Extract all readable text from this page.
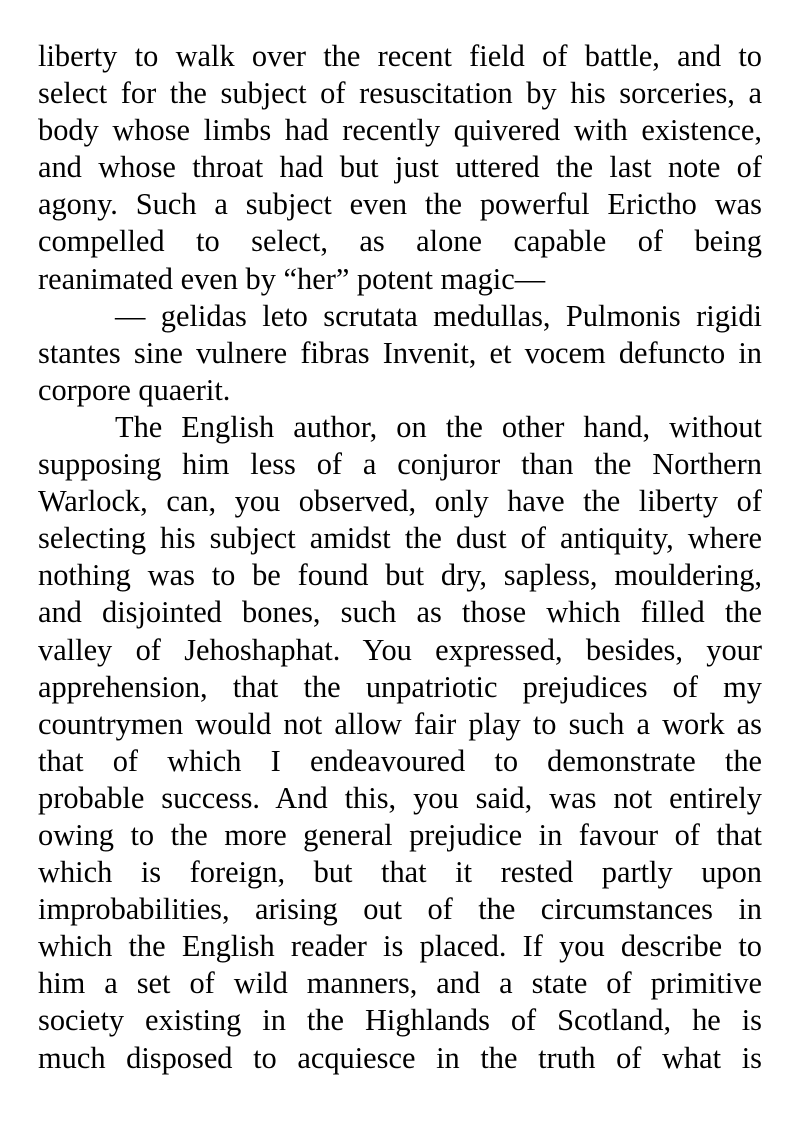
liberty to walk over the recent field of battle, and to
select for the subject of resuscitation by his sorceries, a
body whose limbs had recently quivered with existence,
and whose throat had but just uttered the last note of
agony. Such a subject even the powerful Erictho was
compelled to select, as alone capable of being
reanimated even by “her” potent magic—

— gelidas leto scrutata medullas, Pulmonis rigidi
stantes sine vulnere fibras Invenit, et vocem defuncto in
corpore quaerit.

The English author, on the other hand, without
supposing him less of a conjuror than the Northern
Warlock, can, you observed, only have the liberty of
selecting his subject amidst the dust of antiquity, where
nothing was to be found but dry, sapless, mouldering,
and disjointed bones, such as those which filled the
valley of Jehoshaphat. You expressed, besides, your
apprehension, that the unpatriotic prejudices of my
countrymen would not allow fair play to such a work as
that of which I endeavoured to demonstrate the
probable success. And this, you said, was not entirely
owing to the more general prejudice in favour of that
which is foreign, but that it rested partly upon
improbabilities, arising out of the circumstances in
which the English reader is placed. If you describe to
him a set of wild manners, and a state of primitive
society existing in the Highlands of Scotland, he is
much disposed to acquiesce in the truth of what is
